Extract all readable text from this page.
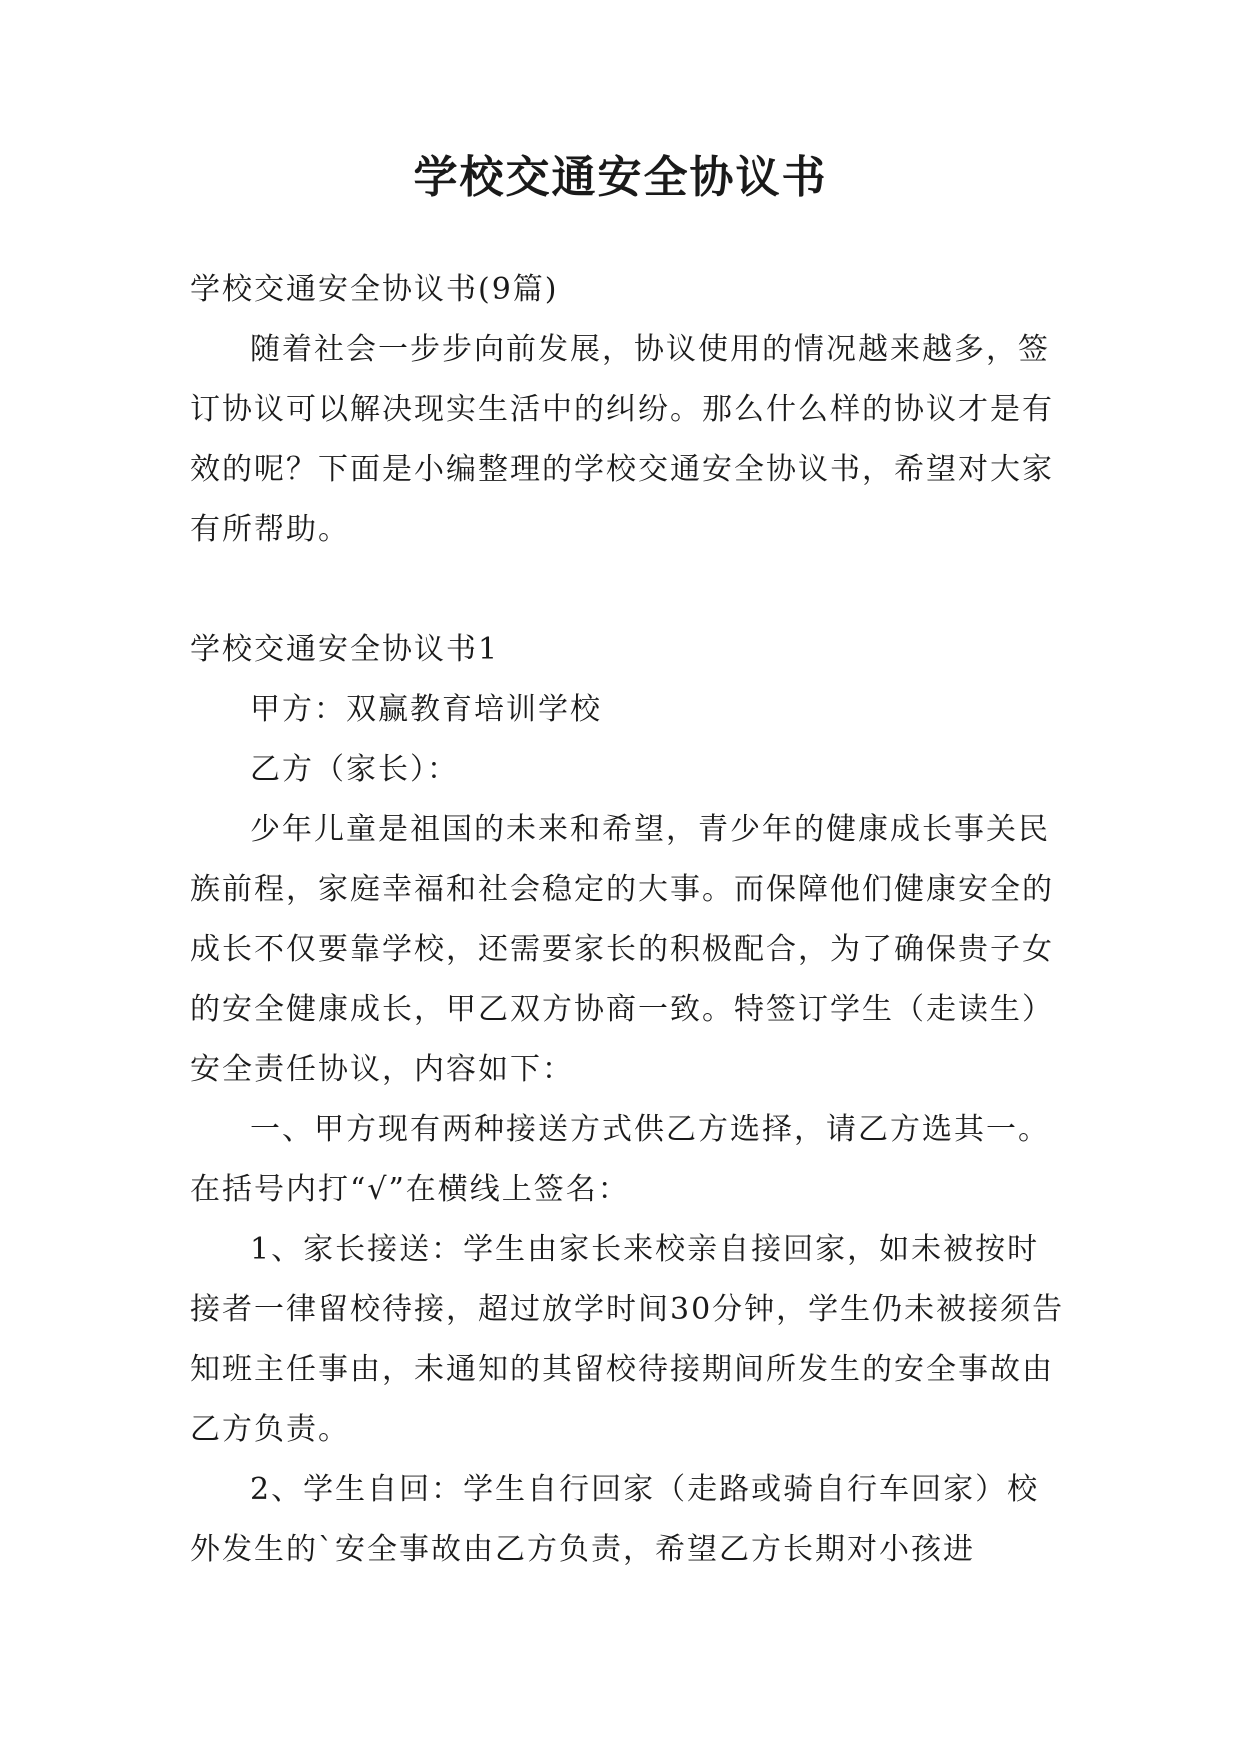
学校交通安全协议书

学校交通安全协议书(9篇)

随着社会一步步向前发展，协议使用的情况越来越多，签订协议可以解决现实生活中的纠纷。那么什么样的协议才是有效的呢？下面是小编整理的学校交通安全协议书，希望对大家有所帮助。

学校交通安全协议书1

甲方：双赢教育培训学校

乙方（家长）：

少年儿童是祖国的未来和希望，青少年的健康成长事关民族前程，家庭幸福和社会稳定的大事。而保障他们健康安全的成长不仅要靠学校，还需要家长的积极配合，为了确保贵子女的安全健康成长，甲乙双方协商一致。特签订学生（走读生）安全责任协议，内容如下：

一、甲方现有两种接送方式供乙方选择，请乙方选其一。在括号内打“√”在横线上签名：

1、家长接送：学生由家长来校亲自接回家，如未被按时接者一律留校待接，超过放学时间30分钟，学生仍未被接须告知班主任事由，未通知的其留校待接期间所发生的安全事故由乙方负责。

2、学生自回：学生自行回家（走路或骑自行车回家）校外发生的`安全事故由乙方负责，希望乙方长期对小孩进
